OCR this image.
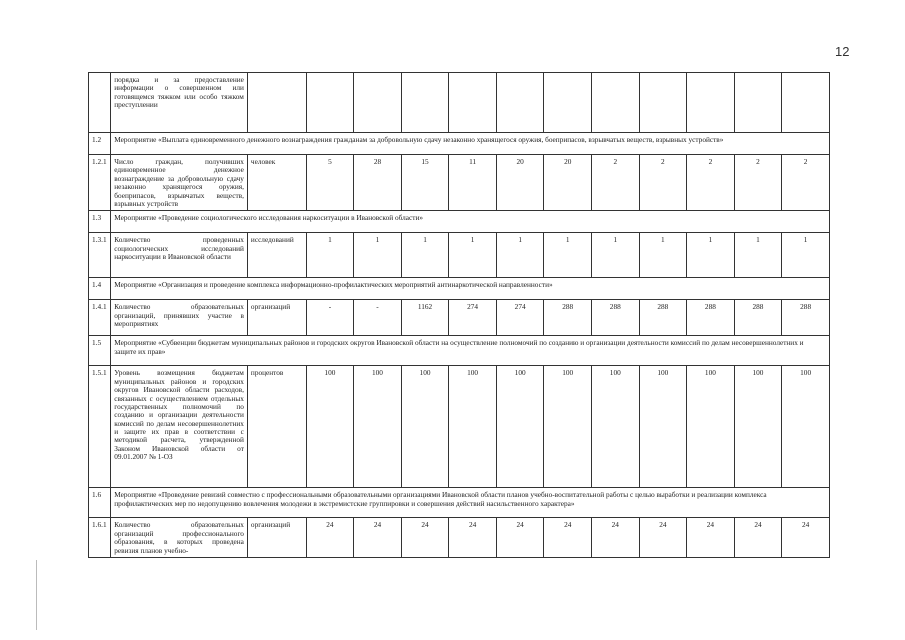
12
	порядка и за предоставление информации о совершенном или готовящемся тяжком или особо тяжком преступлении												
1.2	Мероприятие «Выплата единовременного денежного вознаграждения гражданам за добровольную сдачу незаконно хранящегося оружия, боеприпасов, взрывчатых веществ, взрывных устройств»												
1.2.1	Число граждан, получивших единовременное денежное вознаграждение за добровольную сдачу незаконно хранящегося оружия, боеприпасов, взрывчатых веществ, взрывных устройств	человек	5	28	15	11	20	20	2	2	2	2	2
1.3	Мероприятие «Проведение социологического исследования наркоситуации в Ивановской области»												
1.3.1	Количество проведенных социологических исследований наркоситуации в Ивановской области	исследований	1	1	1	1	1	1	1	1	1	1	1
1.4	Мероприятие «Организация и проведение комплекса информационно-профилактических мероприятий антинаркотической направленности»												
1.4.1	Количество образовательных организаций, принявших участие в мероприятиях	организаций	-	-	1162	274	274	288	288	288	288	288	288
1.5	Мероприятие «Субвенции бюджетам муниципальных районов и городских округов Ивановской области на осуществление полномочий по созданию и организации деятельности комиссий по делам несовершеннолетних и защите их прав»												
1.5.1	Уровень возмещения бюджетам муниципальных районов и городских округов Ивановской области расходов, связанных с осуществлением отдельных государственных полномочий по созданию и организации деятельности комиссий по делам несовершеннолетних и защите их прав в соответствии с методикой расчета, утвержденной Законом Ивановской области от 09.01.2007 № 1-ОЗ	процентов	100	100	100	100	100	100	100	100	100	100	100
1.6	Мероприятие «Проведение ревизий совместно с профессиональными образовательными организациями Ивановской области планов учебно-воспитательной работы с целью выработки и реализации комплекса профилактических мер по недопущению вовлечения молодежи в экстремистские группировки и совершения действий насильственного характера»												
1.6.1	Количество образовательных организаций профессионального образования, в которых проведена ревизия планов учебно-	организаций	24	24	24	24	24	24	24	24	24	24	24
